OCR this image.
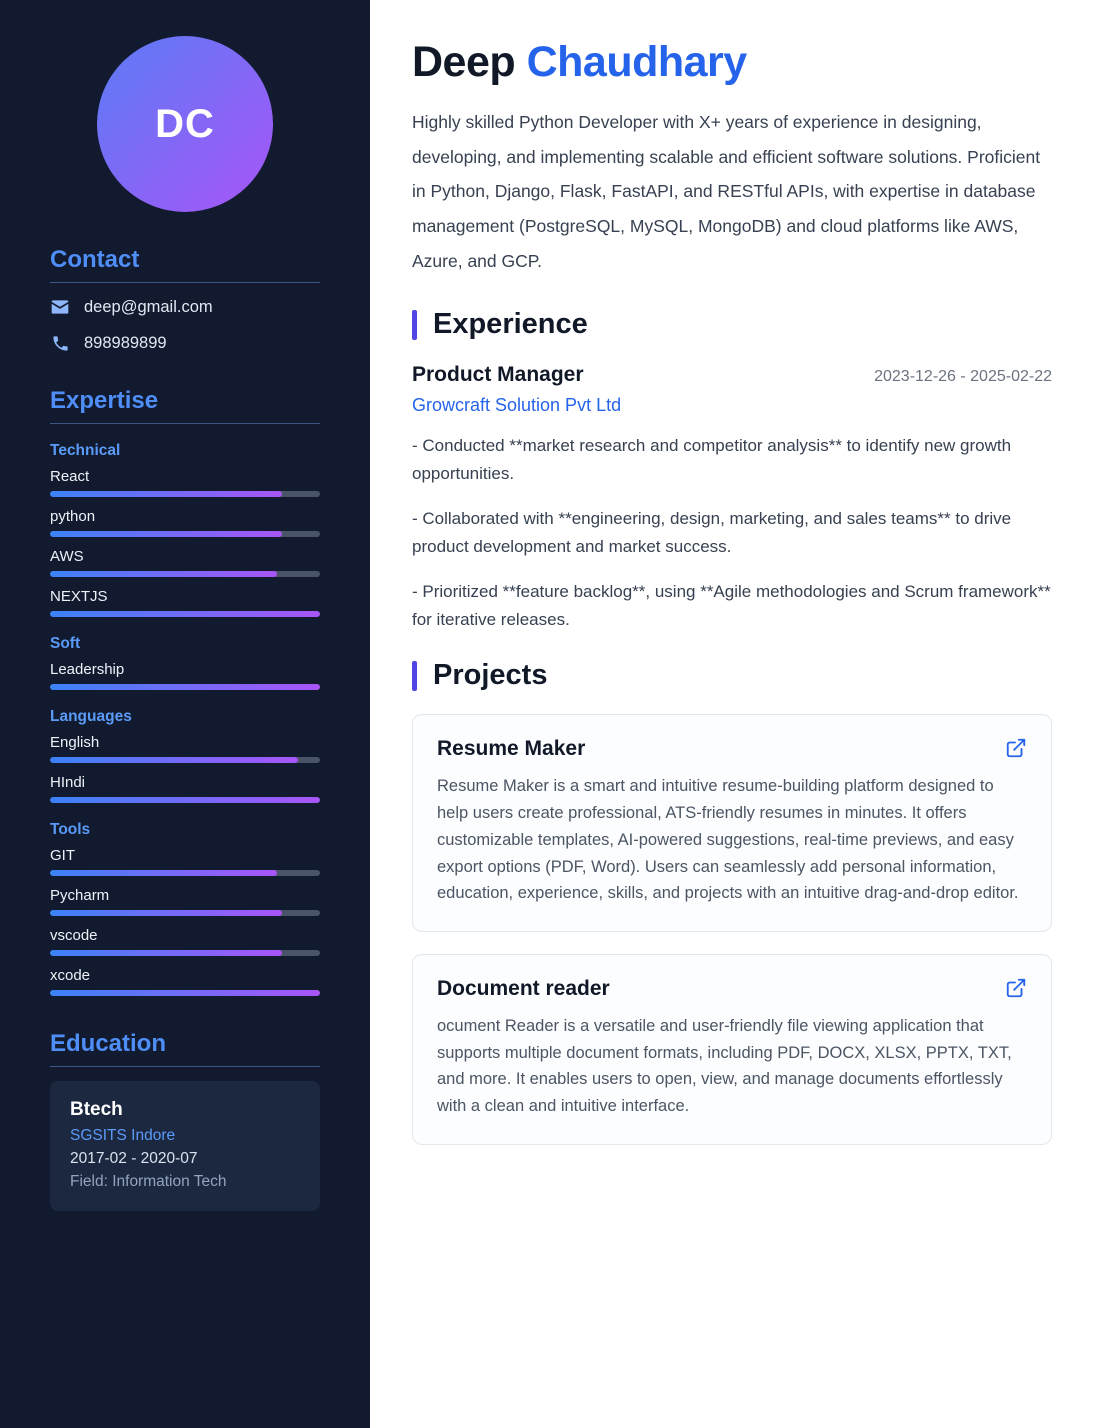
DC
Contact
deep@gmail.com
898989899
Expertise
Technical
React
python
AWS
NEXTJS
Soft
Leadership
Languages
English
HIndi
Tools
GIT
Pycharm
vscode
xcode
Education
Btech
SGSITS Indore
2017-02 - 2020-07
Field: Information Tech
Deep Chaudhary

Highly skilled Python Developer with X+ years of experience in designing, developing, and implementing scalable and efficient software solutions. Proficient in Python, Django, Flask, FastAPI, and RESTful APIs, with expertise in database management (PostgreSQL, MySQL, MongoDB) and cloud platforms like AWS, Azure, and GCP.

Experience
Product Manager	2023-12-26 - 2025-02-22
Growcraft Solution Pvt Ltd
- Conducted **market research and competitor analysis** to identify new growth opportunities.
- Collaborated with **engineering, design, marketing, and sales teams** to drive product development and market success.
- Prioritized **feature backlog**, using **Agile methodologies and Scrum framework** for iterative releases.
Projects
Resume Maker
Resume Maker is a smart and intuitive resume-building platform designed to help users create professional, ATS-friendly resumes in minutes. It offers customizable templates, AI-powered suggestions, real-time previews, and easy export options (PDF, Word). Users can seamlessly add personal information, education, experience, skills, and projects with an intuitive drag-and-drop editor.
Document reader
ocument Reader is a versatile and user-friendly file viewing application that supports multiple document formats, including PDF, DOCX, XLSX, PPTX, TXT, and more. It enables users to open, view, and manage documents effortlessly with a clean and intuitive interface.
